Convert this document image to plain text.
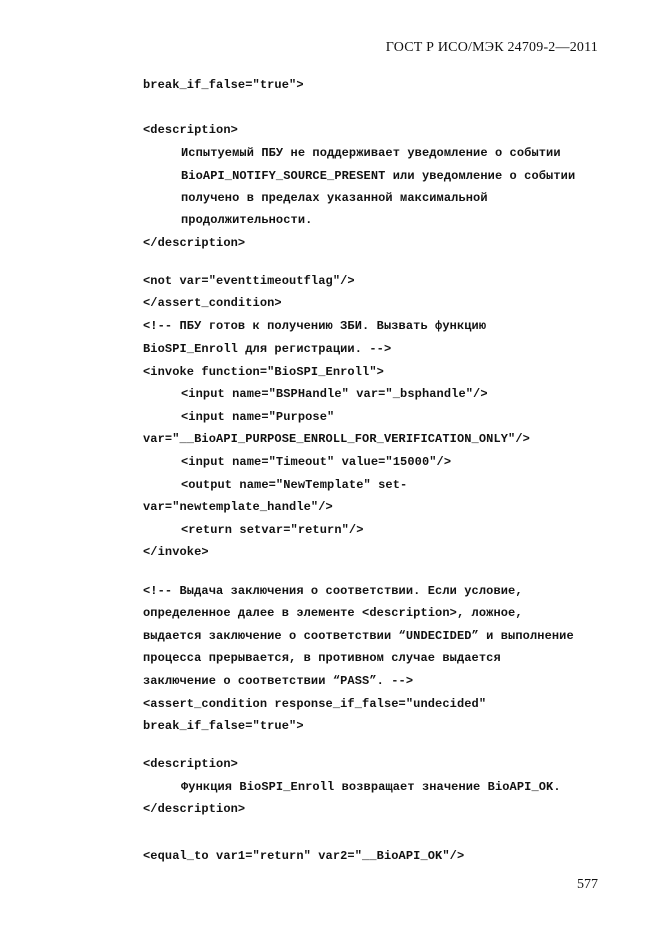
ГОСТ Р ИСО/МЭК 24709-2—2011
break_if_false="true">
<description>
Испытуемый ПБУ не поддерживает уведомление о событии
BioAPI_NOTIFY_SOURCE_PRESENT или уведомление о событии
получено в пределах указанной максимальной
продолжительности.
</description>
<not var="eventtimeoutflag"/>
</assert_condition>
<!-- ПБУ готов к получению ЗБИ. Вызвать функцию
BioSPI_Enroll для регистрации. -->
<invoke function="BioSPI_Enroll">
<input name="BSPHandle" var="_bsphandle"/>
<input name="Purpose"
var="__BioAPI_PURPOSE_ENROLL_FOR_VERIFICATION_ONLY"/>
<input name="Timeout" value="15000"/>
<output name="NewTemplate" set-
var="newtemplate_handle"/>
<return setvar="return"/>
</invoke>
<!-- Выдача заключения о соответствии. Если условие,
определенное далее в элементе <description>, ложное,
выдается заключение о соответствии “UNDECIDED” и выполнение
процесса прерывается, в противном случае выдается
заключение о соответствии “PASS”. -->
<assert_condition response_if_false="undecided"
break_if_false="true">
<description>
Функция BioSPI_Enroll возвращает значение BioAPI_OK.
</description>
<equal_to var1="return" var2="__BioAPI_OK"/>
577
